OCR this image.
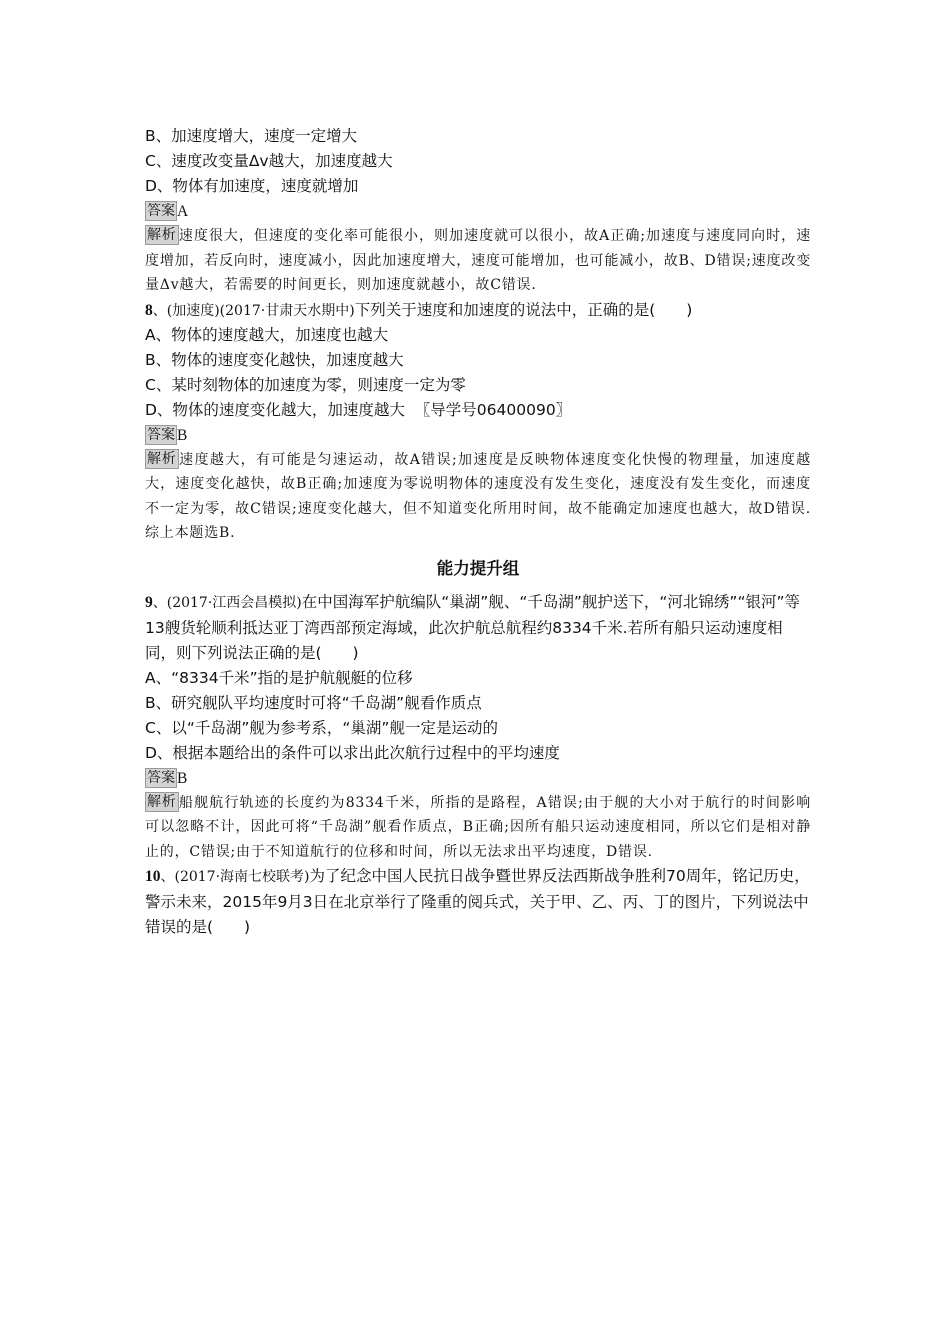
B、加速度增大，速度一定增大
C、速度改变量Δv越大，加速度越大
D、物体有加速度，速度就增加
答案 A
解析 速度很大，但速度的变化率可能很小，则加速度就可以很小，故A正确;加速度与速度同向时，速度增加，若反向时，速度减小，因此加速度增大，速度可能增加，也可能减小，故B、D错误;速度改变量Δv越大，若需要的时间更长，则加速度就越小，故C错误.
8、(加速度)(2017·甘肃天水期中)下列关于速度和加速度的说法中，正确的是(　　)
A、物体的速度越大，加速度也越大
B、物体的速度变化越快，加速度越大
C、某时刻物体的加速度为零，则速度一定为零
D、物体的速度变化越大，加速度越大 〖导学号06400090〗
答案 B
解析 速度越大，有可能是匀速运动，故A错误;加速度是反映物体速度变化快慢的物理量，加速度越大，速度变化越快，故B正确;加速度为零说明物体的速度没有发生变化，速度没有发生变化，而速度不一定为零，故C错误;速度变化越大，但不知道变化所用时间，故不能确定加速度也越大，故D错误.综上本题选B.
能力提升组
9、(2017·江西会昌模拟)在中国海军护航编队“巢湖”舰、“千岛湖”舰护送下，“河北锦绣”“银河”等13艘货轮顺利抵达亚丁湾西部预定海域，此次护航总航程约8334千米.若所有船只运动速度相同，则下列说法正确的是(　　)
A、“8334千米”指的是护航舰艇的位移
B、研究舰队平均速度时可将“千岛湖”舰看作质点
C、以“千岛湖”舰为参考系，“巢湖”舰一定是运动的
D、根据本题给出的条件可以求出此次航行过程中的平均速度
答案 B
解析 船舰航行轨迹的长度约为8334千米，所指的是路程，A错误;由于舰的大小对于航行的时间影响可以忽略不计，因此可将“千岛湖”舰看作质点，B正确;因所有船只运动速度相同，所以它们是相对静止的，C错误;由于不知道航行的位移和时间，所以无法求出平均速度，D错误.
10、(2017·海南七校联考)为了纪念中国人民抗日战争暨世界反法西斯战争胜利70周年，铭记历史，警示未来，2015年9月3日在北京举行了隆重的阅兵式，关于甲、乙、丙、丁的图片，下列说法中错误的是(　　)
